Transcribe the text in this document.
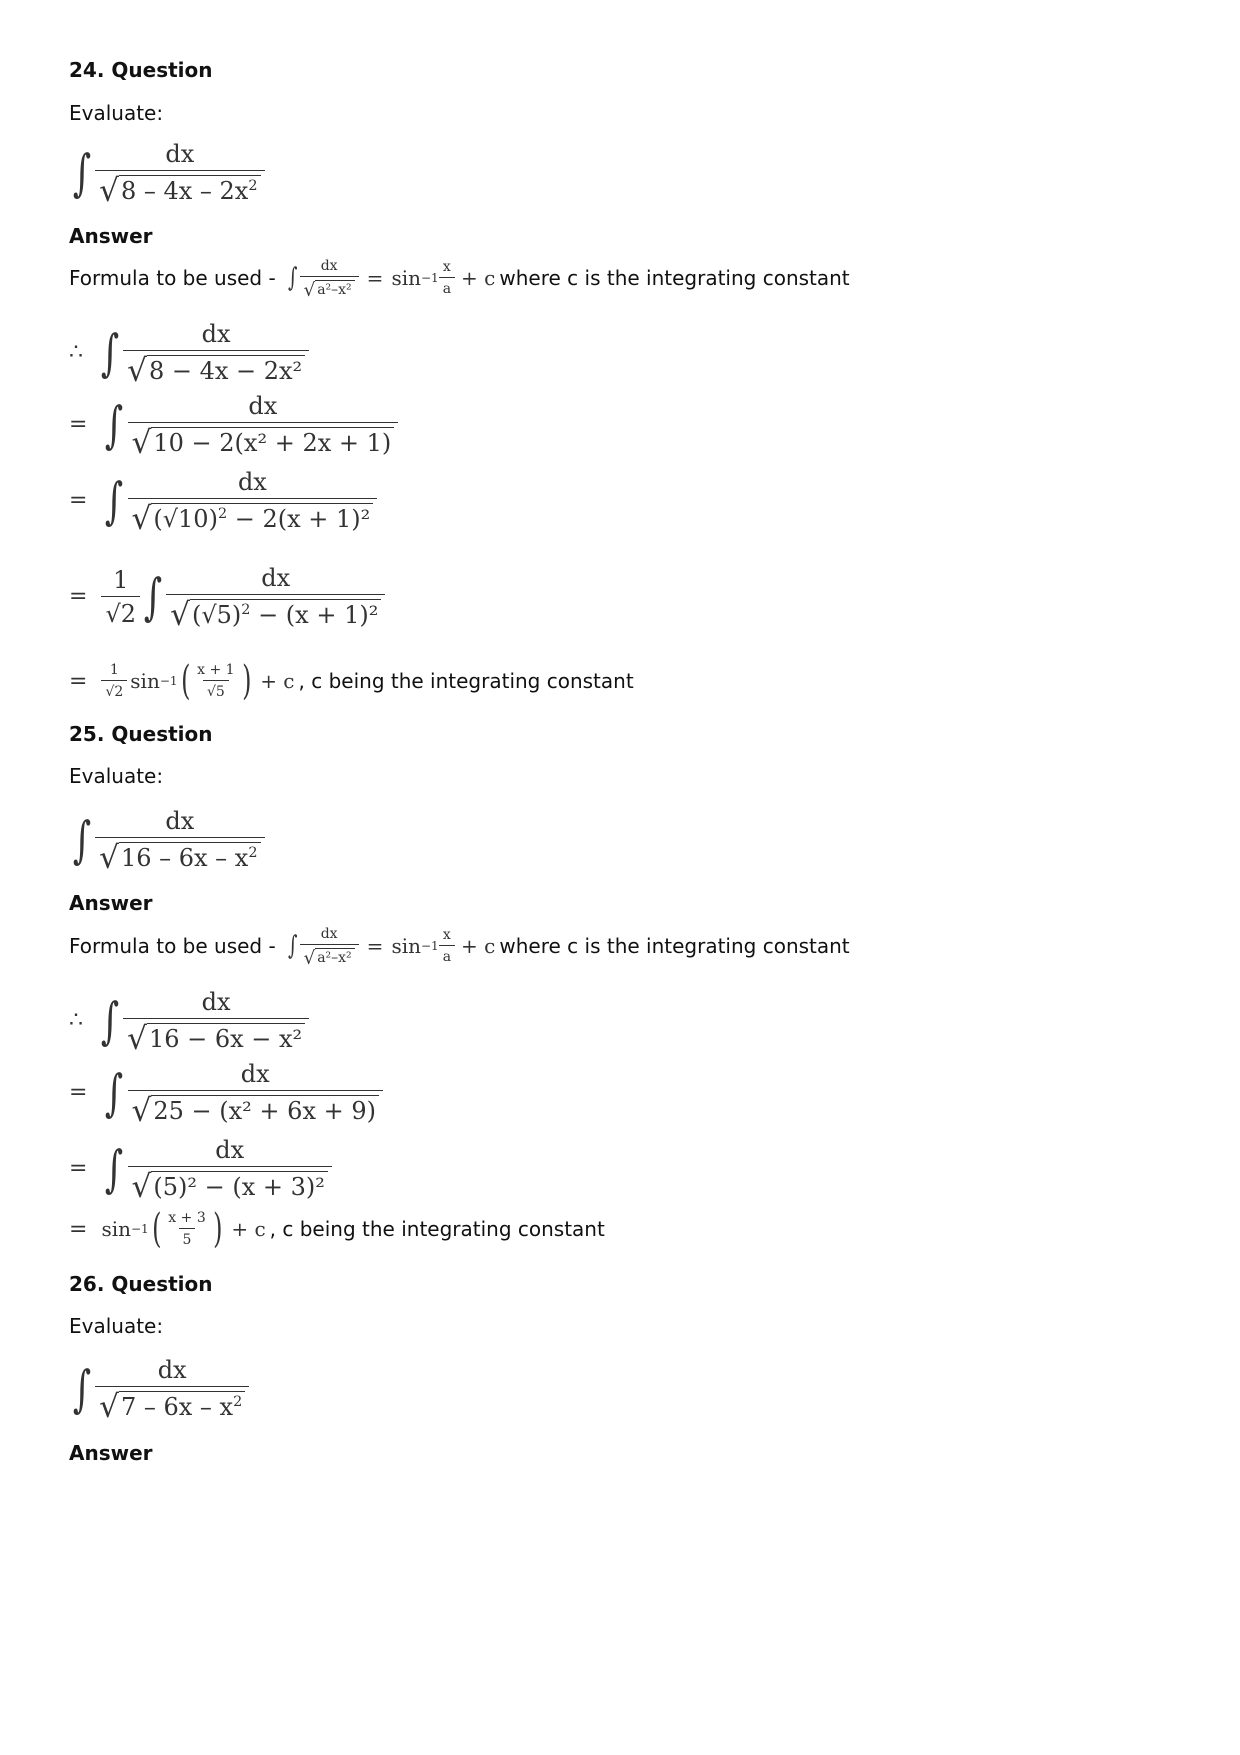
24. Question
Evaluate:
∫ $\frac{dx}{√ 8 - 4x - 2x^2}$
Answer
Formula to be used -
∫ $\frac{dx}{\text{√ a²–x²}} = \sin -1 \frac{x}{a} + c$ where c is the integrating constant
∴ ∫ $\frac{dx}{\text{√ 8 − 4x − 2x²}}$
= ∫ $\frac{dx}{\text{√ 10 − 2(x² + 2x + 1)}}$
= ∫ $\frac{dx}{√ (√10)^2 - 2(x + 1)^2}$
= $\frac{1}{√2}$ ∫ $\frac{dx}{√ (√5)^2 - (x + 1)^2}$
= $\frac{1}{√2}$ sin −1 ( $\frac{x + 1}{√5}$ ) + c , c being the integrating constant
25. Question
Evaluate:
∫ $\frac{dx}{√ 16 - 6x - x^2}$
Answer
Formula to be used -
∫ $\frac{dx}{\text{√ a²–x²}} = \sin -1 \frac{x}{a} + c$ where c is the integrating constant
∴ ∫ $\frac{dx}{\text{√ 16 − 6x − x²}}$
= ∫ $\frac{dx}{\text{√ 25 − (x² + 6x + 9)}}$
= ∫ $\frac{dx}{\text{√ (5)² − (x + 3)²}}$
= sin −1 ( $\frac{x + 3}{5}$ ) + c , c being the integrating constant
26. Question
Evaluate:
∫ $\frac{dx}{√ 7 - 6x - x^2}$
Answer
